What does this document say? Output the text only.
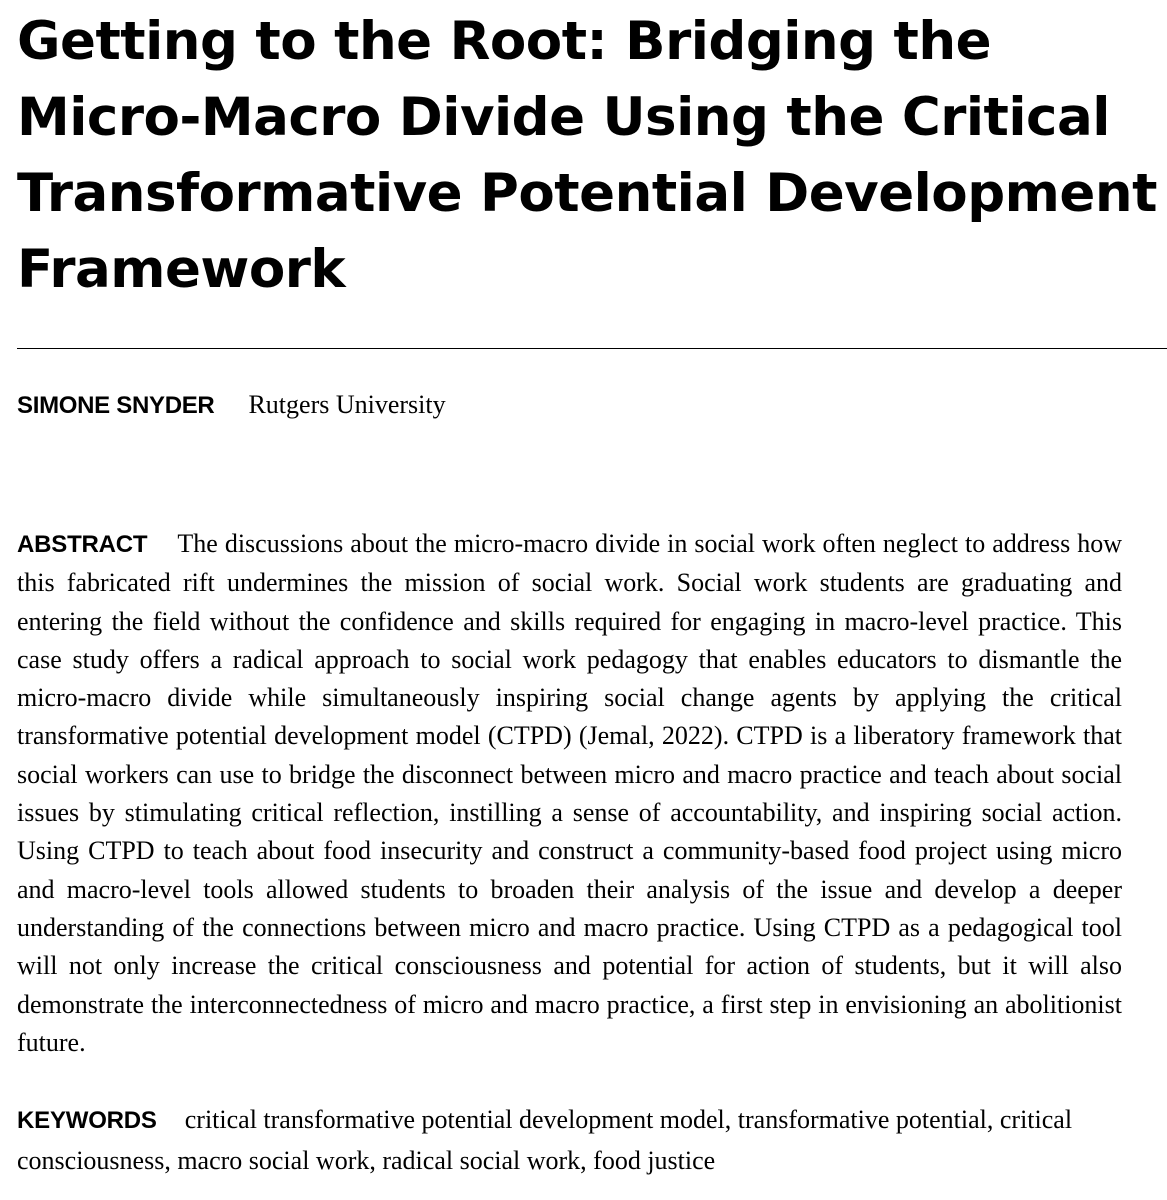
Getting to the Root: Bridging the Micro-Macro Divide Using the Critical Transformative Potential Development Framework
SIMONE SNYDER Rutgers University

ABSTRACT The discussions about the micro-macro divide in social work often neglect to address how this fabricated rift undermines the mission of social work. Social work students are graduating and entering the field without the confidence and skills required for engaging in macro-level practice. This case study offers a radical approach to social work pedagogy that enables educators to dismantle the micro-macro divide while simultaneously inspiring social change agents by applying the critical transformative potential development model (CTPD) (Jemal, 2022). CTPD is a liberatory framework that social workers can use to bridge the disconnect between micro and macro practice and teach about social issues by stimulating critical reflection, instilling a sense of accountability, and inspiring social action. Using CTPD to teach about food insecurity and construct a community-based food project using micro and macro-level tools allowed students to broaden their analysis of the issue and develop a deeper understanding of the connections between micro and macro practice. Using CTPD as a pedagogical tool will not only increase the critical consciousness and potential for action of students, but it will also demonstrate the interconnectedness of micro and macro practice, a first step in envisioning an abolitionist future.

KEYWORDS critical transformative potential development model, transformative potential, critical consciousness, macro social work, radical social work, food justice
